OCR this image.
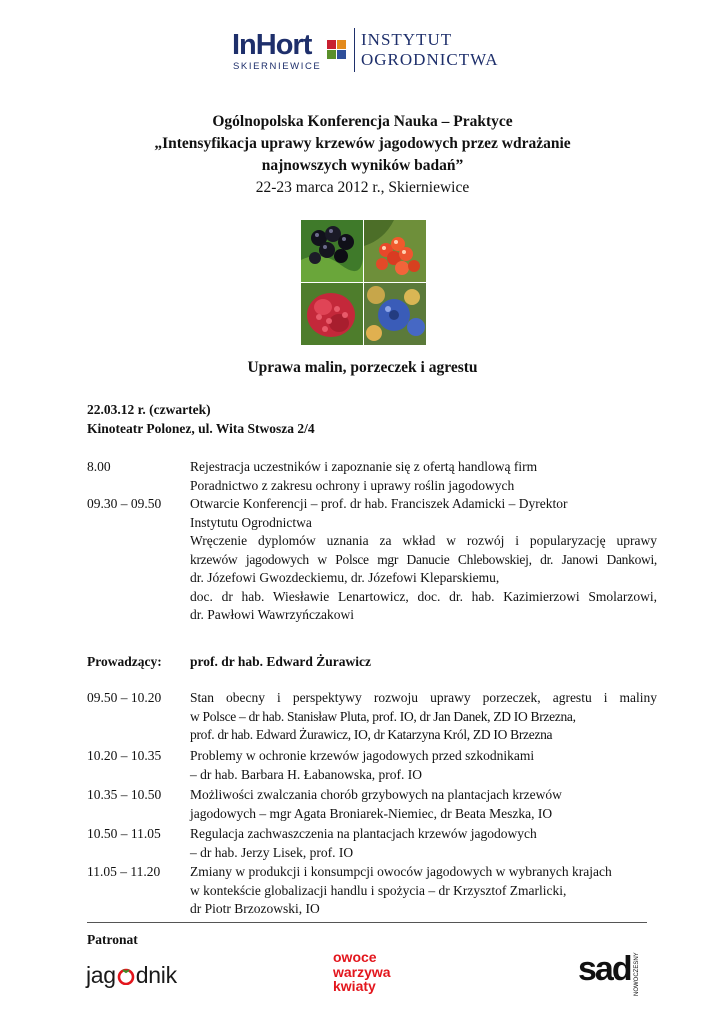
InHort
SKIERNIEWICE
INSTYTUT
OGRODNICTWA
Ogólnopolska Konferencja Nauka – Praktyce
„Intensyfikacja uprawy krzewów jagodowych przez wdrażanie
najnowszych wyników badań”
22-23 marca 2012 r., Skierniewice
Uprawa malin, porzeczek i agrestu
22.03.12 r. (czwartek)
Kinoteatr Polonez, ul. Wita Stwosza 2/4
8.00	Rejestracja uczestników i zapoznanie się z ofertą handlową firm
Poradnictwo z zakresu ochrony i uprawy roślin jagodowych
09.30 – 09.50	Otwarcie Konferencji – prof. dr hab. Franciszek Adamicki – Dyrektor
Instytutu Ogrodnictwa
Wręczenie dyplomów uznania za wkład w rozwój i popularyzację uprawy
krzewów jagodowych w Polsce mgr Danucie Chlebowskiej, dr. Janowi Dankowi,
dr. Józefowi Gwozdeckiemu, dr. Józefowi Kleparskiemu,
doc. dr hab. Wiesławie Lenartowicz, doc. dr. hab. Kazimierzowi Smolarzowi,
dr. Pawłowi Wawrzyńczakowi
Prowadzący:	prof. dr hab. Edward Żurawicz
09.50 – 10.20	Stan obecny i perspektywy rozwoju uprawy porzeczek, agrestu i maliny
w Polsce – dr hab. Stanisław Pluta, prof. IO, dr Jan Danek, ZD IO Brzezna,
prof. dr hab. Edward Żurawicz, IO, dr Katarzyna Król, ZD IO Brzezna
10.20 – 10.35	Problemy w ochronie krzewów jagodowych przed szkodnikami
– dr hab. Barbara H. Łabanowska, prof. IO
10.35 – 10.50	Możliwości zwalczania chorób grzybowych na plantacjach krzewów
jagodowych – mgr Agata Broniarek-Niemiec, dr Beata Meszka, IO
10.50 – 11.05	Regulacja zachwaszczenia na plantacjach krzewów jagodowych
– dr hab. Jerzy Lisek, prof. IO
11.05 – 11.20	Zmiany w produkcji i konsumpcji owoców jagodowych w wybranych krajach
w kontekście globalizacji handlu i spożycia – dr Krzysztof Zmarlicki,
dr Piotr Brzozowski, IO
Patronat
jag dnik
owoce
warzywa
kwiaty	sad NOWOCZESNY
